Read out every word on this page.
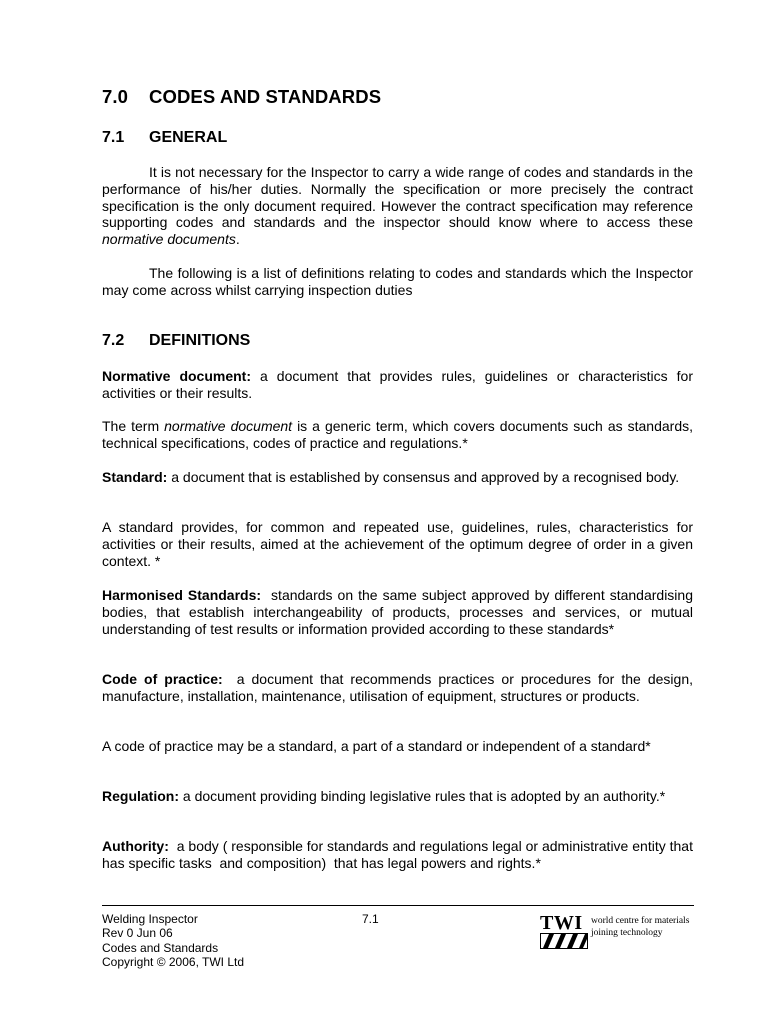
7.0 CODES AND STANDARDS
7.1 GENERAL

It is not necessary for the Inspector to carry a wide range of codes and standards in the performance of his/her duties. Normally the specification or more precisely the contract specification is the only document required. However the contract specification may reference supporting codes and standards and the inspector should know where to access these normative documents.

The following is a list of definitions relating to codes and standards which the Inspector may come across whilst carrying inspection duties

7.2 DEFINITIONS

Normative document: a document that provides rules, guidelines or characteristics for activities or their results.

The term normative document is a generic term, which covers documents such as standards, technical specifications, codes of practice and regulations.*

Standard: a document that is established by consensus and approved by a recognised body.

A standard provides, for common and repeated use, guidelines, rules, characteristics for activities or their results, aimed at the achievement of the optimum degree of order in a given context. *

Harmonised Standards:  standards on the same subject approved by different standardising bodies, that establish interchangeability of products, processes and services, or mutual understanding of test results or information provided according to these standards*

Code of practice:  a document that recommends practices or procedures for the design, manufacture, installation, maintenance, utilisation of equipment, structures or products.

A code of practice may be a standard, a part of a standard or independent of a standard*

Regulation: a document providing binding legislative rules that is adopted by an authority.*

Authority:  a body ( responsible for standards and regulations legal or administrative entity that has specific tasks  and composition)  that has legal powers and rights.*

Welding Inspector
Rev 0 Jun 06
Codes and Standards
Copyright © 2006, TWI Ltd
7.1	TWI world centre for materials
joining technology
